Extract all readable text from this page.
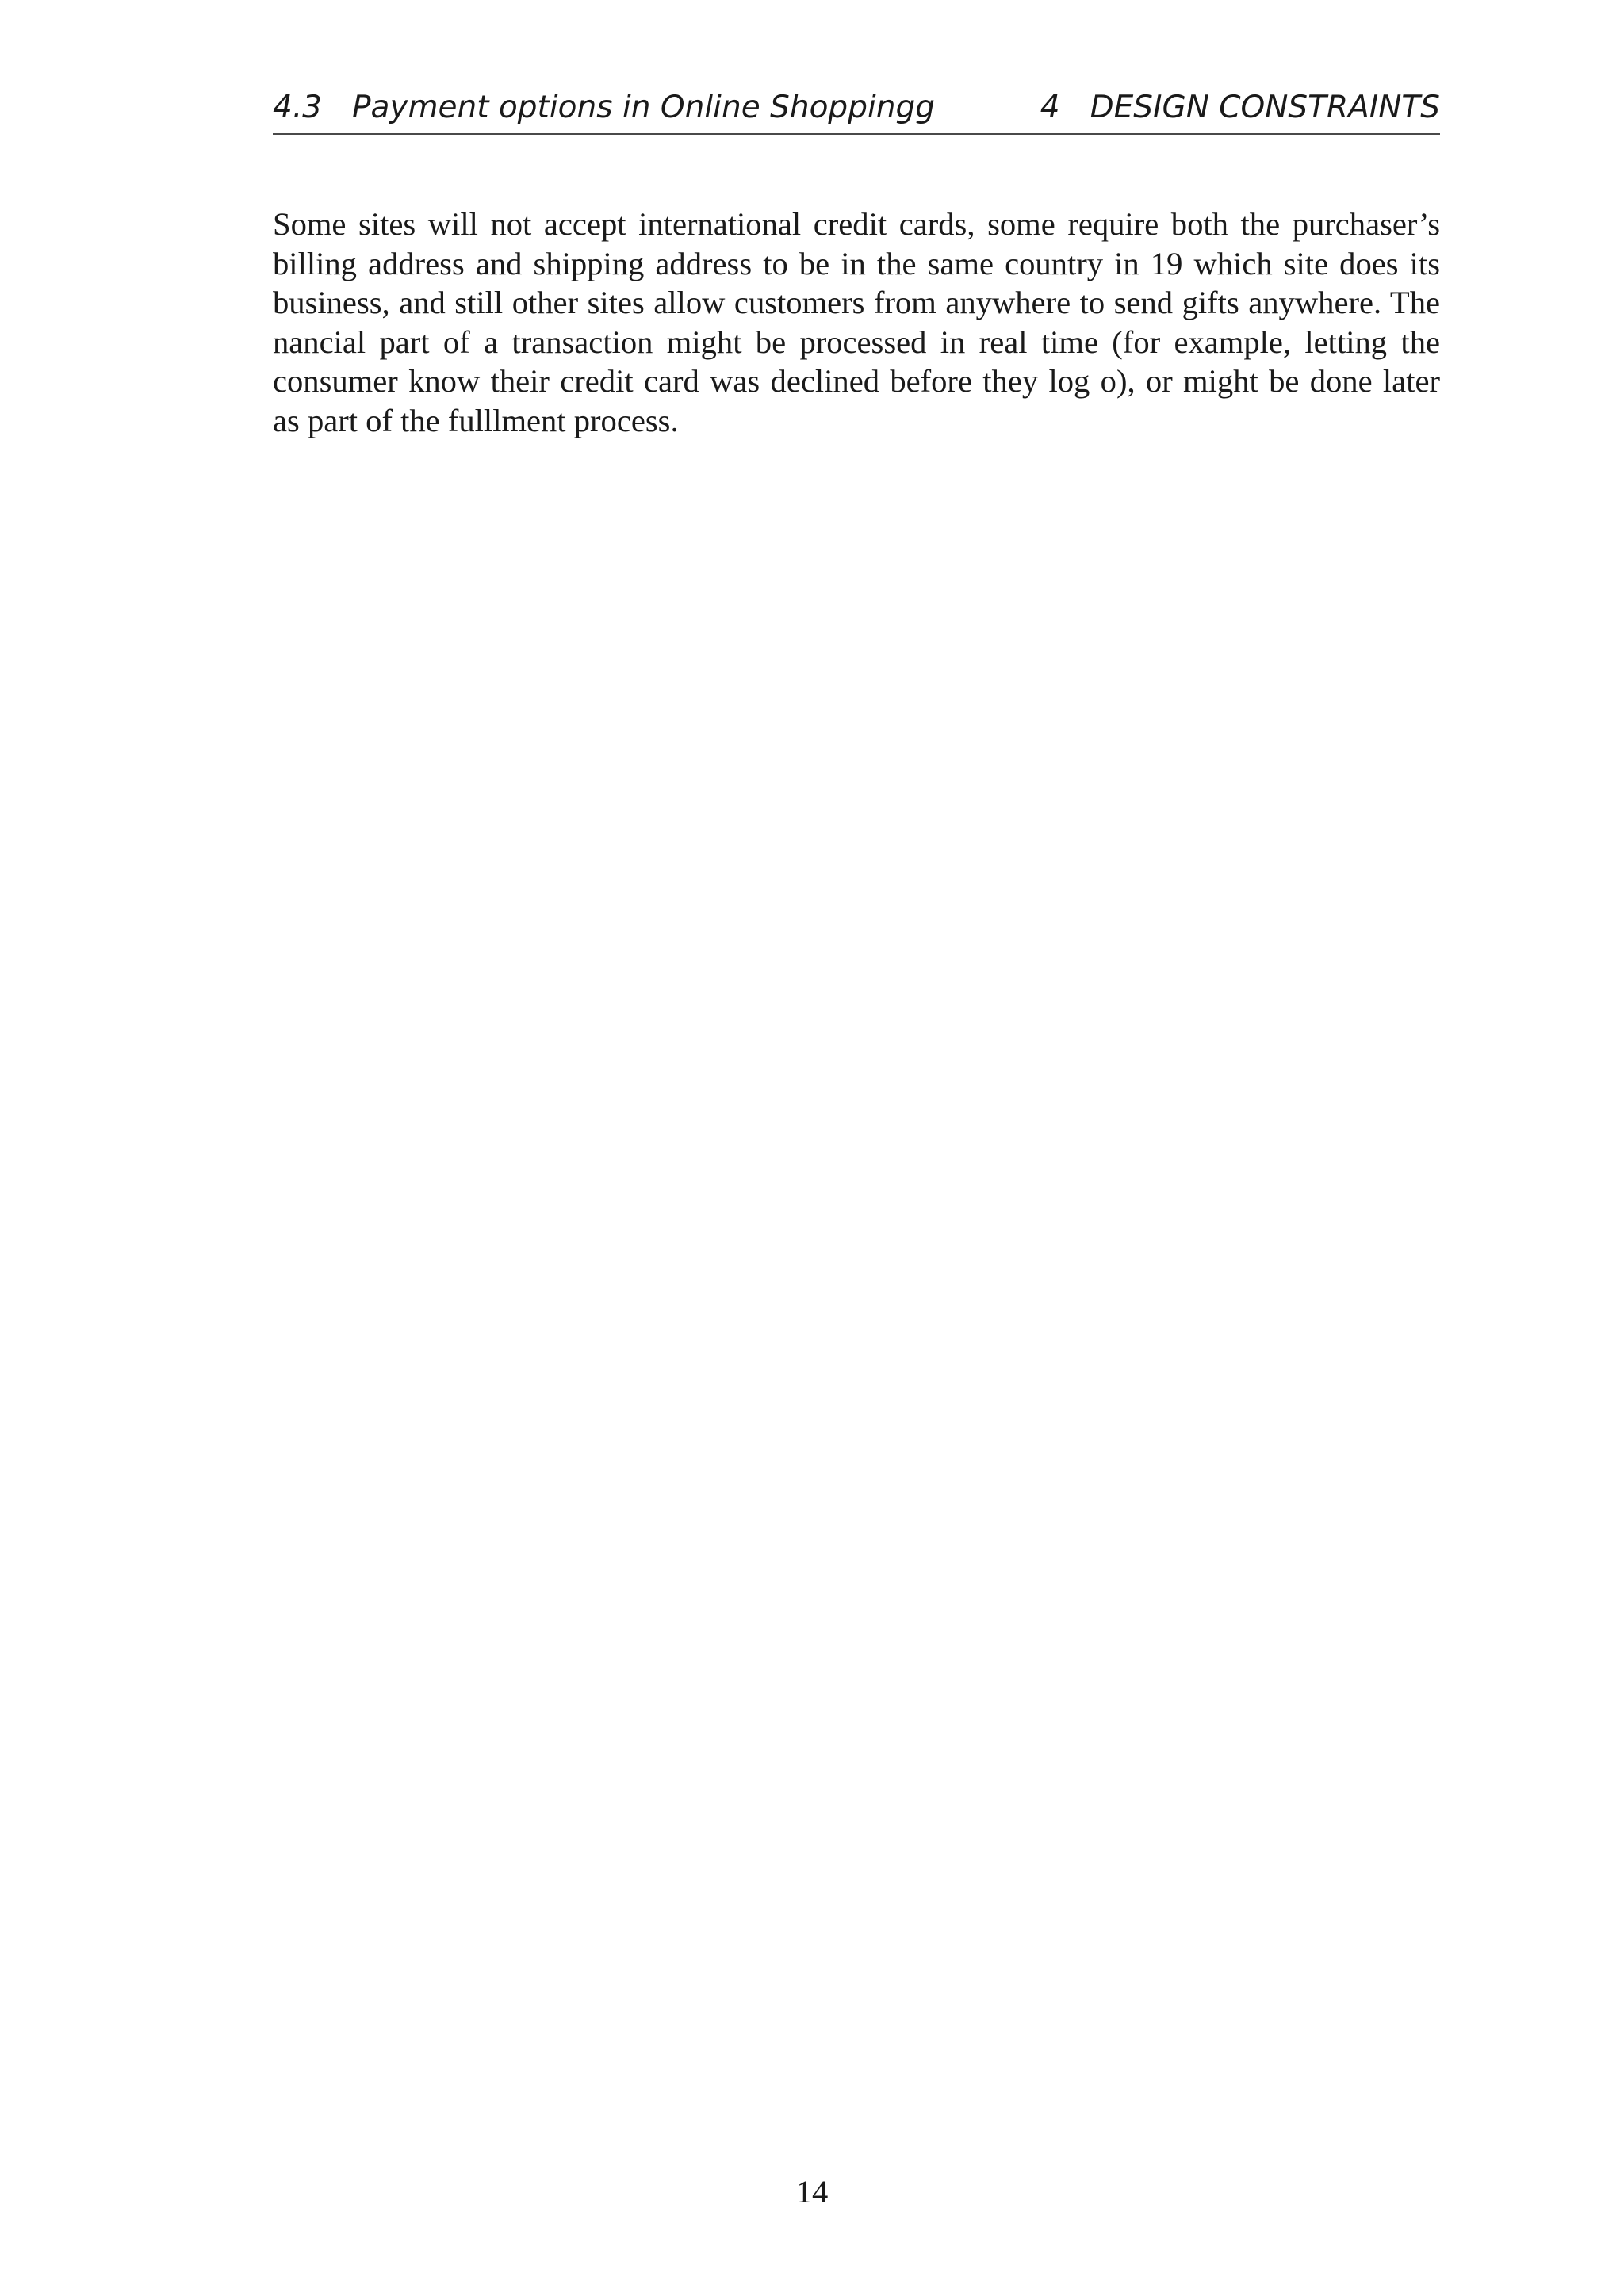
4.3 Payment options in Online Shoppingg	4 DESIGN CONSTRAINTS

Some sites will not accept international credit cards, some require both the purchaser’s
billing address and shipping address to be in the same country in 19 which site does its
business, and still other sites allow customers from anywhere to send gifts anywhere. The
nancial part of a transaction might be processed in real time (for example, letting the
consumer know their credit card was declined before they log o), or might be done later
as part of the fulllment process.

14
